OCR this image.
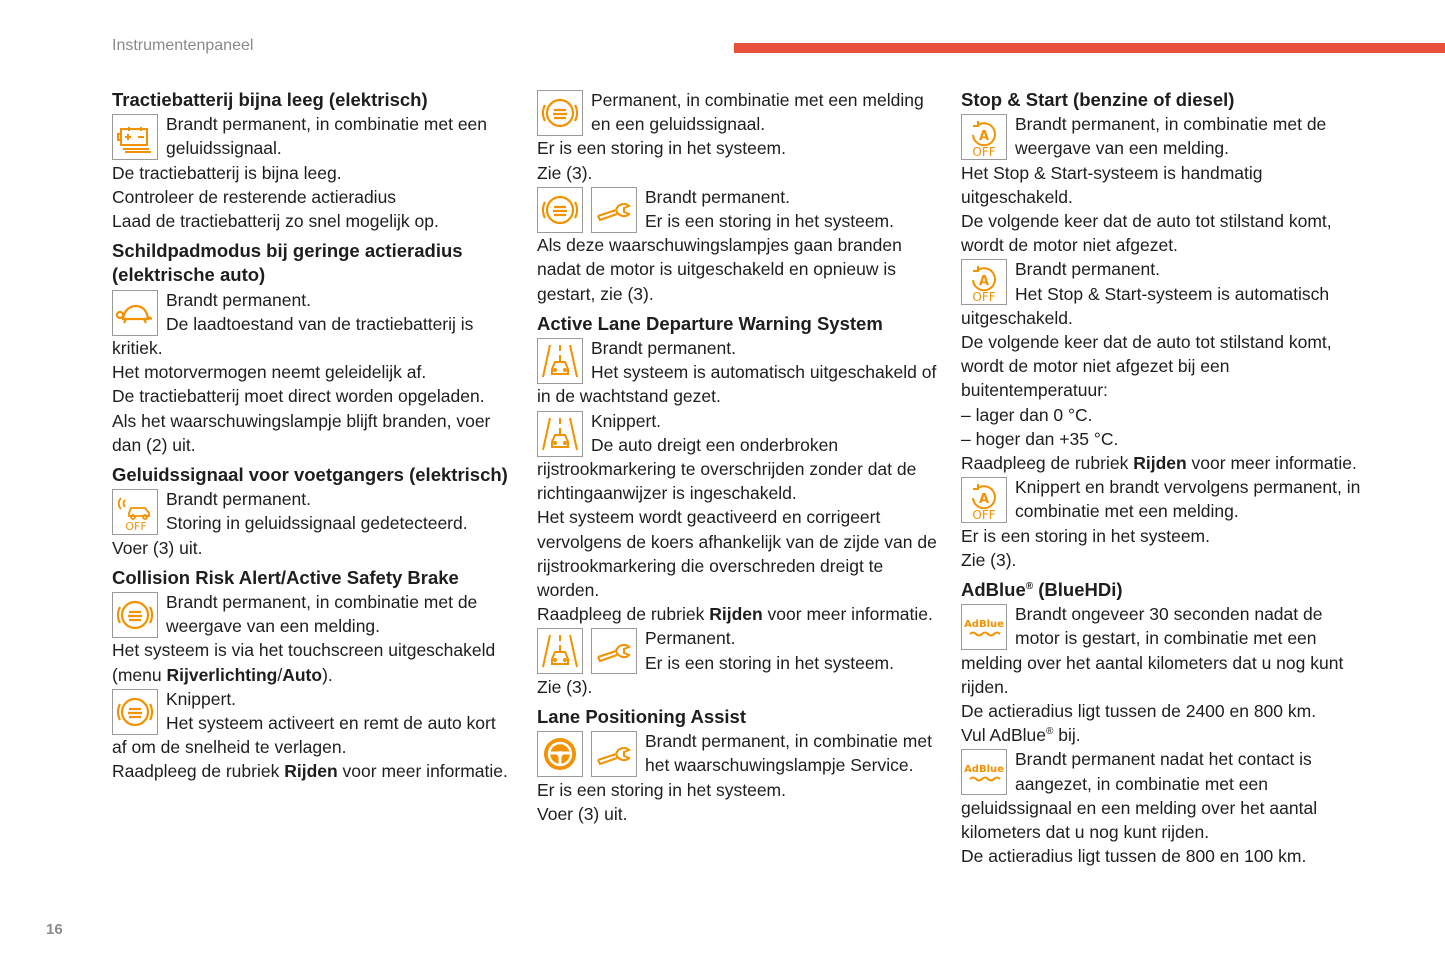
Instrumentenpaneel
16
Tractiebatterij bijna leeg (elektrisch)

Brandt permanent, in combinatie met een geluidssignaal.

De tractiebatterij is bijna leeg.

Controleer de resterende actieradius

Laad de tractiebatterij zo snel mogelijk op.

Schildpadmodus bij geringe actieradius (elektrische auto)

Brandt permanent.

De laadtoestand van de tractiebatterij is kritiek.

Het motorvermogen neemt geleidelijk af.

De tractiebatterij moet direct worden opgeladen.

Als het waarschuwingslampje blijft branden, voer dan (2) uit.

Geluidssignaal voor voetgangers (elektrisch)
OFF

Brandt permanent.

Storing in geluidssignaal gedetecteerd.

Voer (3) uit.

Collision Risk Alert/Active Safety Brake

Brandt permanent, in combinatie met de weergave van een melding.

Het systeem is via het touchscreen uitgeschakeld (menu Rijverlichting/Auto).

Knippert.

Het systeem activeert en remt de auto kort af om de snelheid te verlagen.

Raadpleeg de rubriek Rijden voor meer informatie.

Permanent, in combinatie met een melding en een geluidssignaal.

Er is een storing in het systeem.

Zie (3).

Brandt permanent.

Er is een storing in het systeem.

Als deze waarschuwingslampjes gaan branden nadat de motor is uitgeschakeld en opnieuw is gestart, zie (3).

Active Lane Departure Warning System

Brandt permanent.

Het systeem is automatisch uitgeschakeld of in de wachtstand gezet.

Knippert.

De auto dreigt een onderbroken rijstrookmarkering te overschrijden zonder dat de richtingaanwijzer is ingeschakeld.

Het systeem wordt geactiveerd en corrigeert vervolgens de koers afhankelijk van de zijde van de rijstrookmarkering die overschreden dreigt te worden.

Raadpleeg de rubriek Rijden voor meer informatie.

Permanent.

Er is een storing in het systeem.

Zie (3).

Lane Positioning Assist

Brandt permanent, in combinatie met het waarschuwingslampje Service.

Er is een storing in het systeem.

Voer (3) uit.

Stop & Start (benzine of diesel)
A
OFF

Brandt permanent, in combinatie met de weergave van een melding.

Het Stop & Start-systeem is handmatig uitgeschakeld.

De volgende keer dat de auto tot stilstand komt, wordt de motor niet afgezet.

A
OFF

Brandt permanent.

Het Stop & Start-systeem is automatisch uitgeschakeld.

De volgende keer dat de auto tot stilstand komt, wordt de motor niet afgezet bij een buitentemperatuur:

– lager dan 0 °C.

– hoger dan +35 °C.

Raadpleeg de rubriek Rijden voor meer informatie.

A
OFF

Knippert en brandt vervolgens permanent, in combinatie met een melding.

Er is een storing in het systeem.

Zie (3).

AdBlue® (BlueHDi)
AdBlue

Brandt ongeveer 30 seconden nadat de motor is gestart, in combinatie met een melding over het aantal kilometers dat u nog kunt rijden.

De actieradius ligt tussen de 2400 en 800 km.

Vul AdBlue® bij.

AdBlue

Brandt permanent nadat het contact is aangezet, in combinatie met een geluidssignaal en een melding over het aantal kilometers dat u nog kunt rijden.

De actieradius ligt tussen de 800 en 100 km.
